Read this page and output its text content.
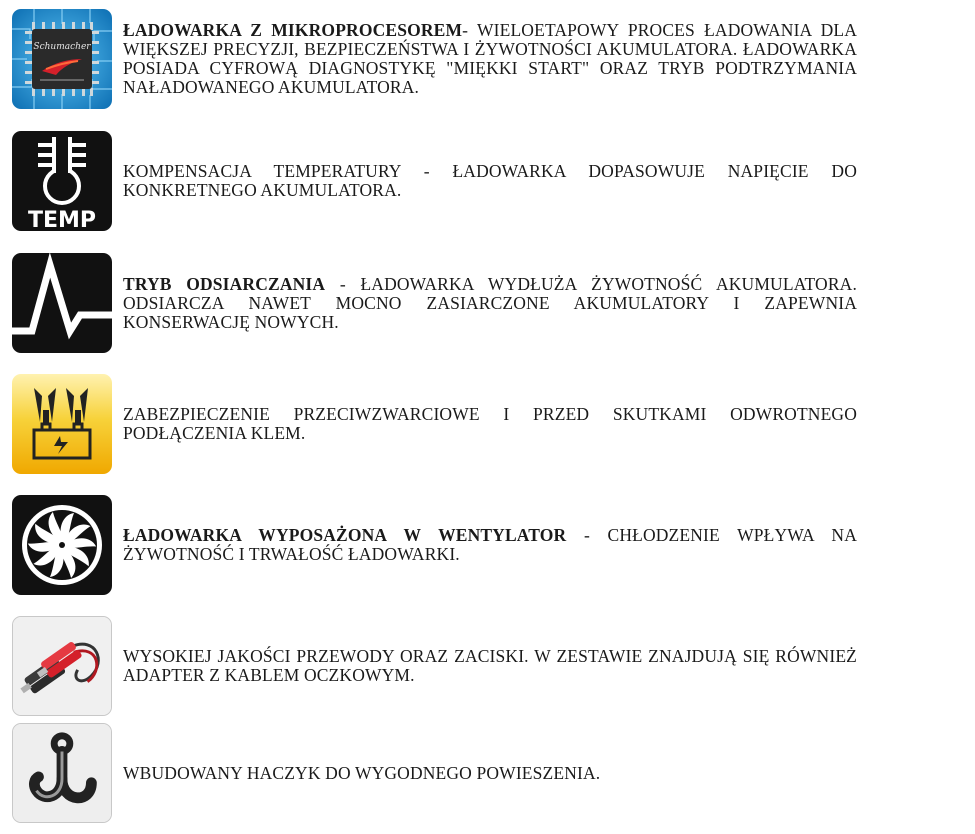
Schumacher
ŁADOWARKA Z MIKROPROCESOREM- WIELOETAPOWY PROCES ŁADOWANIA DLA WIĘKSZEJ PRECYZJI, BEZPIECZEŃSTWA I ŻYWOTNOŚCI AKUMULATORA. ŁADOWARKA POSIADA CYFROWĄ DIAGNOSTYKĘ "MIĘKKI START" ORAZ TRYB PODTRZYMANIA NAŁADOWANEGO AKUMULATORA.
TEMP
KOMPENSACJA TEMPERATURY - ŁADOWARKA DOPASOWUJE NAPIĘCIE DO KONKRETNEGO AKUMULATORA.
TRYB ODSIARCZANIA - ŁADOWARKA WYDŁUŻA ŻYWOTNOŚĆ AKUMULATORA. ODSIARCZA NAWET MOCNO ZASIARCZONE AKUMULATORY I ZAPEWNIA KONSERWACJĘ NOWYCH.
ZABEZPIECZENIE PRZECIWZWARCIOWE I PRZED SKUTKAMI ODWROTNEGO PODŁĄCZENIA KLEM.
ŁADOWARKA WYPOSAŻONA W WENTYLATOR - CHŁODZENIE WPŁYWA NA ŻYWOTNOŚĆ I TRWAŁOŚĆ ŁADOWARKI.
WYSOKIEJ JAKOŚCI PRZEWODY ORAZ ZACISKI. W ZESTAWIE ZNAJDUJĄ SIĘ RÓWNIEŻ ADAPTER Z KABLEM OCZKOWYM.
WBUDOWANY HACZYK DO WYGODNEGO POWIESZENIA.
